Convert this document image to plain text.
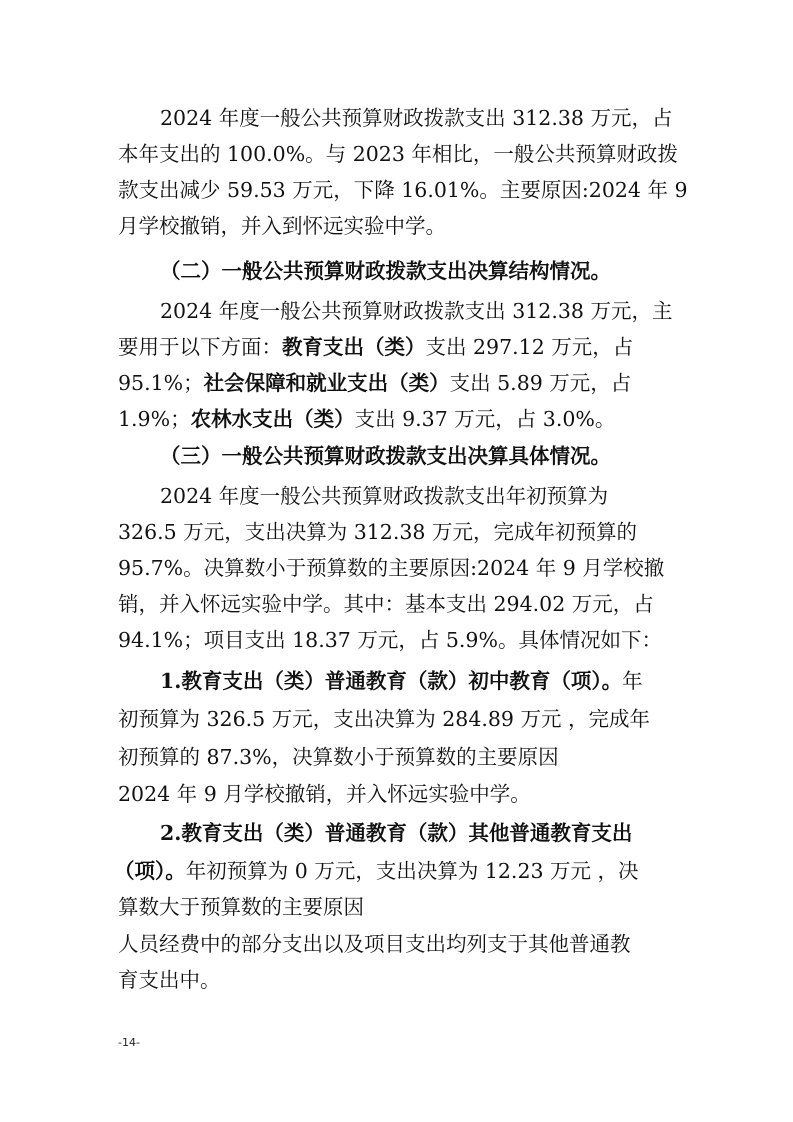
2024 年度一般公共预算财政拨款支出 312.38 万元，占
本年支出的 100.0%。与 2023 年相比，一般公共预算财政拨
款支出减少 59.53 万元，下降 16.01%。主要原因:2024 年 9
月学校撤销，并入到怀远实验中学。
（二）一般公共预算财政拨款支出决算结构情况。
2024 年度一般公共预算财政拨款支出 312.38 万元，主
要用于以下方面：教育支出（类）支出 297.12 万元，占
95.1%；社会保障和就业支出（类）支出 5.89 万元，占
1.9%；农林水支出（类）支出 9.37 万元，占 3.0%。
（三）一般公共预算财政拨款支出决算具体情况。
2024 年度一般公共预算财政拨款支出年初预算为
326.5 万元，支出决算为 312.38 万元，完成年初预算的
95.7%。决算数小于预算数的主要原因:2024 年 9 月学校撤
销，并入怀远实验中学。其中：基本支出 294.02 万元，占
94.1%；项目支出 18.37 万元，占 5.9%。具体情况如下：
1.教育支出（类）普通教育（款）初中教育（项）。年
初预算为 326.5 万元，支出决算为 284.89 万元 ，完成年
初预算的 87.3%，决算数小于预算数的主要原因
2024 年 9 月学校撤销，并入怀远实验中学。
2.教育支出（类）普通教育（款）其他普通教育支出
（项）。年初预算为 0 万元，支出决算为 12.23 万元 ，决
算数大于预算数的主要原因
人员经费中的部分支出以及项目支出均列支于其他普通教
育支出中。
-14-
